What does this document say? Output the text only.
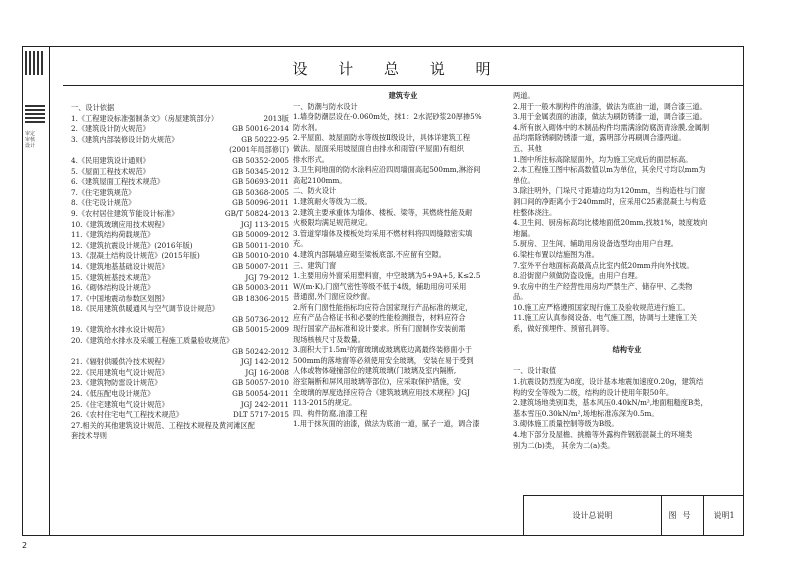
审定
审核
设计
设 计 总 说 明
一、设计依据
1.《工程建设标准强制条文》（房屋建筑部分）	2013版
2.《建筑设计防火规范》	GB 50016-2014
3.《建筑内部装修设计防火规范》	GB 50222-95
(2001年局部修订)
4.《民用建筑设计通则》	GB 50352-2005
5.《屋面工程技术规范》	GB 50345-2012
6.《建筑屋面工程技术规范》	GB 50693-2011
7.《住宅建筑规范》	GB 50368-2005
8.《住宅设计规范》	GB 50096-2011
9.《农村居住建筑节能设计标准》	GB/T 50824-2013
10.《建筑玻璃应用技术规程》	JGJ 113-2015
11.《建筑结构荷载规范》	GB 50009-2012
12.《建筑抗震设计规范》(2016年版)	GB 50011-2010
13.《混凝土结构设计规范》(2015年版)	GB 50010-2010
14.《建筑地基基础设计规范》	GB 50007-2011
15.《建筑桩基技术规范》	JGJ 79-2012
16.《砌体结构设计规范》	GB 50003-2011
17.《中国地震动参数区划图》	GB 18306-2015
18.《民用建筑供暖通风与空气调节设计规范》
GB 50736-2012
19.《建筑给水排水设计规范》	GB 50015-2009
20.《建筑给水排水及采暖工程施工质量验收规范》
GB 50242-2012
21.《辐射供暖供冷技术规程》	JGJ 142-2012
22.《民用建筑电气设计规范》	JGJ 16-2008
23.《建筑物防雷设计规范》	GB 50057-2010
24.《低压配电设计规范》	GB 50054-2011
25.《住宅建筑电气设计规范》	JGJ 242-2011
26.《农村住宅电气工程技术规范》	DLT 5717-2015
27.相关的其他建筑设计规范、工程技术规程及黄河滩区配
套技术导则
建筑专业
一、防潮与防水设计
1.墙身防潮层设在-0.060m处，抹1：2水泥砂浆20厚掺5%
防水剂。
2.平屋面、坡屋面防水等级按Ⅱ级设计，具体详建筑工程
做法。屋面采用坡屋面自由排水和雨管(平屋面)有组织
排水形式。
3.卫生间地面的防水涂料应沿四周墙面高起500mm,淋浴间
高起2100mm。
二、防火设计
1.建筑耐火等级为二级。
2.建筑主要承重体为墙体、楼板、梁等，其燃烧性能及耐
火极限均满足规范规定。
3.管道穿墙体及楼板处均采用不燃材料将四周缝隙密实填
充。
4.建筑内部隔墙应砌至梁板底部,不应留有空隙。
三、建筑门窗
1.主要用房外窗采用塑料窗，中空玻璃为5+9A+5, K≤2.5
W/(m·K),门窗气密性等级不低于4级，辅助用房可采用
普通窗,外门窗应设纱窗。
2.所有门窗性能指标均应符合国家现行产品标准的规定，
应有产品合格证书和必要的性能检测报告，材料应符合
现行国家产品标准和设计要求。所有门窗制作安装前需
现场核核尺寸及数量。
3.面积大于1.5m²的窗玻璃或玻璃底边离最终装修面小于
500mm的落地窗等必须使用安全玻璃， 安装在易于受到
人体或物体碰撞部位的建筑玻璃(门玻璃及室内隔断,
浴室隔断和屏风用玻璃等部位)，应采取保护措施，安
全玻璃的厚度选择应符合《建筑玻璃应用技术规程》JGJ
113-2015的规定。
四、构件防腐,油漆工程
1.用于抹灰面的油漆，做法为底油一道，腻子一道，调合漆
两道。
2.用于一般木制构件的油漆，做法为底油一道，调合漆三道。
3.用于金属表面的油漆，做法为刷防锈漆一道，调合漆三道。
4.所有嵌入砌体中的木制品构件均需满涂防腐沥青涂膜,金属制
品均需除锈刷防锈漆一道，露明部分再刷调合漆两道。
五、其他
1.图中所注标高除屋面外，均为施工完成后的面层标高。
2.本工程施工图中标高数值以m为单位，其余尺寸均以mm为
单位。
3.除注明外，门垛尺寸距墙边均为120mm，当构造柱与门窗
洞口间的净距离小于240mm时，应采用C25素混凝土与构造
柱整体浇注。
4.卫生间、厨房标高均比楼地面低20mm,找坡1%，坡度坡向
地漏。
5.厨房、卫生间、辅助用房设备选型均由用户自理。
6.梁柱布置以结施图为准。
7.室外平台地面标高最高点比室内低20mm并向外找坡。
8.沿街窗户须做防盗设施，由用户自理。
9.农房中的生产经营性用房均严禁生产、储存甲、乙类物
品。
10.施工应严格遵照国家现行施工及验收规范进行施工。
11.施工应认真参阅设备、电气施工图，协调与土建施工关
系，做好预埋件、预留孔洞等。
结构专业
一、设计取值
1.抗震设防烈度为8度，设计基本地震加速度0.20g，建筑结
构的安全等级为二级，结构的设计使用年限50年。
2.建筑场地类别Ⅱ类，基本风压0.40kN/m²,地面粗糙度B类，
基本雪压0.30kN/m²,场地标准冻深为0.5m。
3.砌体施工质量控制等级为B级。
4.地下部分及屋檐、挑檐等外露构件钢筋混凝土的环境类
别为二(b)类， 其余为二(a)类。
设计总说明	图号	说明1
2
